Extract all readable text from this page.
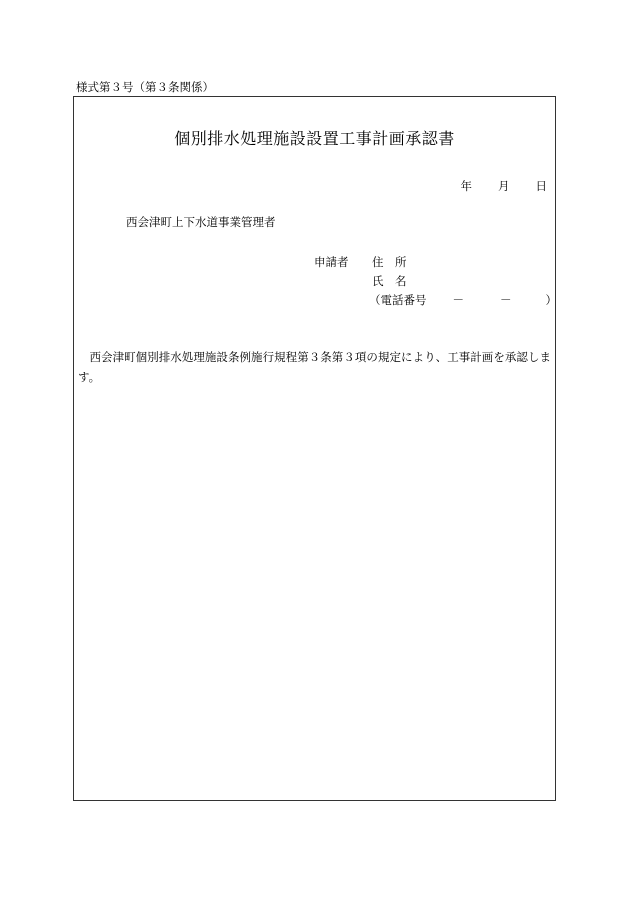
様式第３号（第３条関係）
個別排水処理施設設置工事計画承認書
年 月 日
西会津町上下水道事業管理者
申請者 住　所
氏　名
（電話番号 －	－	）
西会津町個別排水処理施設条例施行規程第３条第３項の規定により、工事計画を承認します。
